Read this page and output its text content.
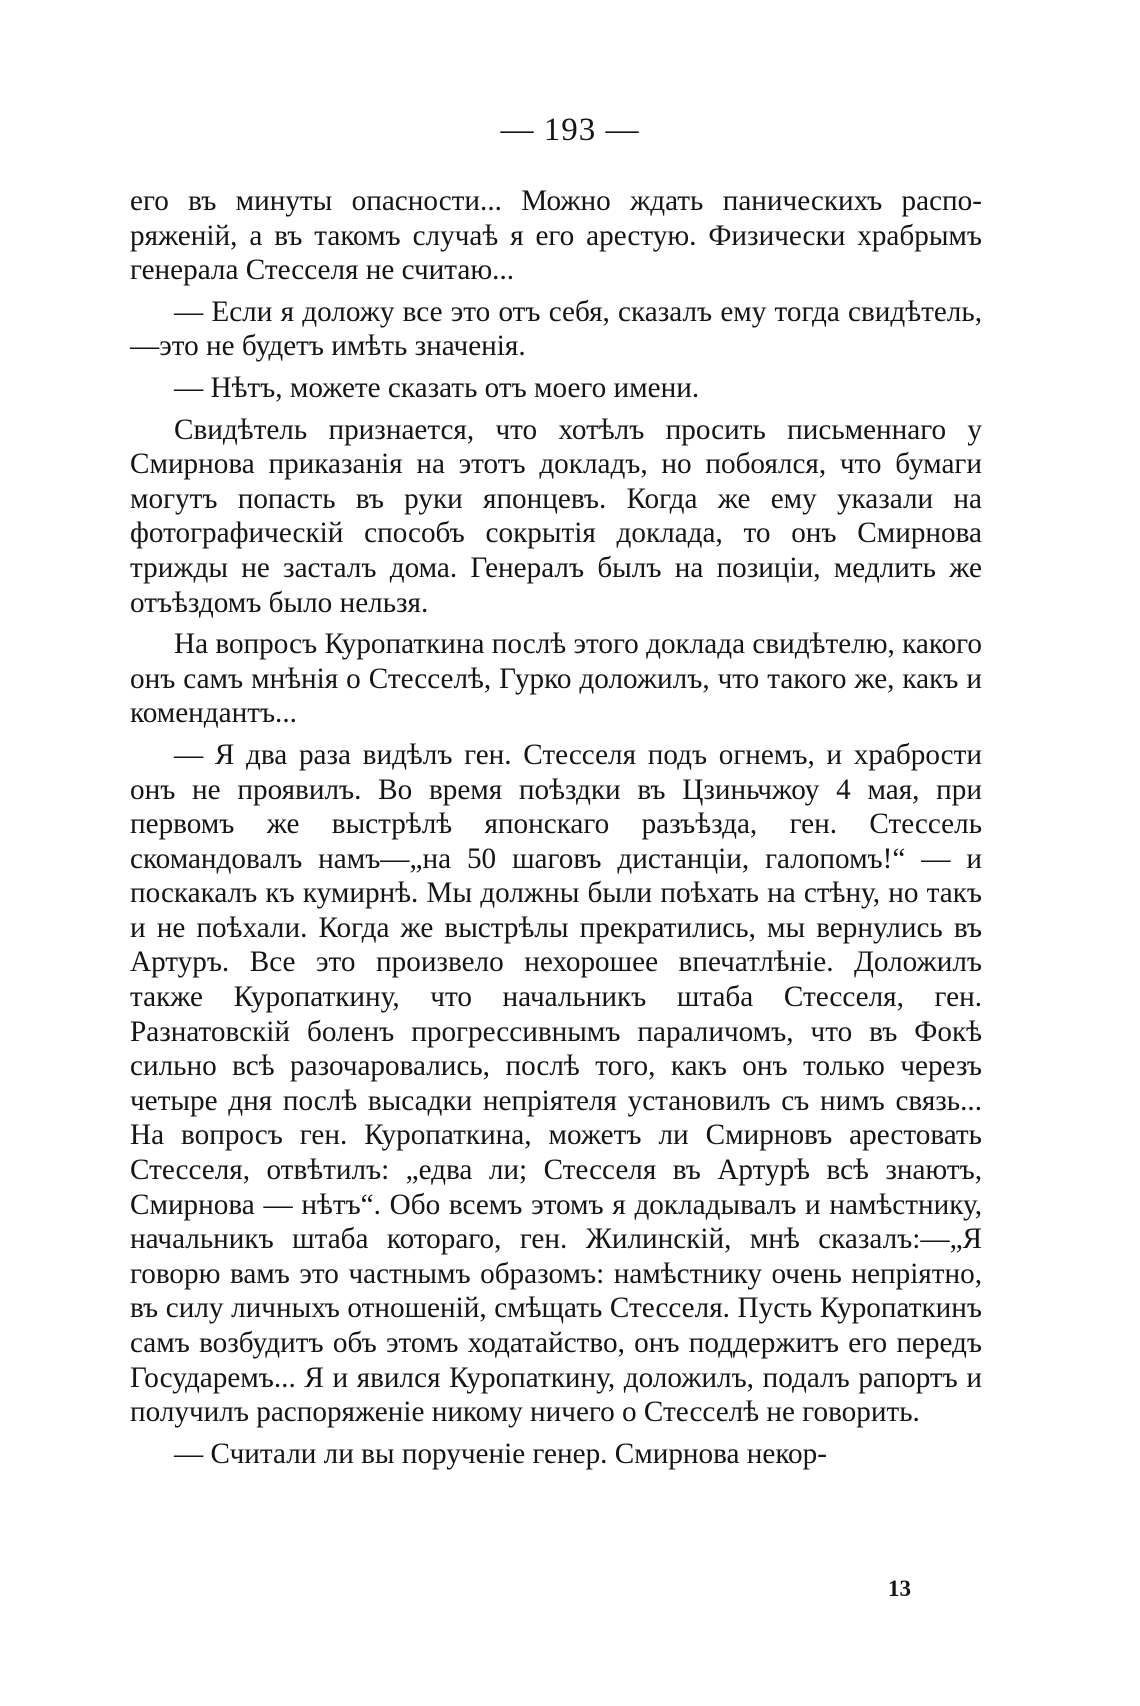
— 193 —

его въ минуты опасности... Можно ждать паническихъ распоряженій, а въ такомъ случаѣ я его арестую. Физически храбрымъ генерала Стесселя не считаю...

— Если я доложу все это отъ себя, сказалъ ему тогда свидѣтель,—это не будетъ имѣть значенія.

— Нѣтъ, можете сказать отъ моего имени.

Свидѣтель признается, что хотѣлъ просить письменнаго у Смирнова приказанія на этотъ докладъ, но побоялся, что бумаги могутъ попасть въ руки японцевъ. Когда же ему указали на фотографическій способъ сокрытія доклада, то онъ Смирнова трижды не засталъ дома. Генералъ былъ на позиціи, медлить же отъѣздомъ было нельзя.

На вопросъ Куропаткина послѣ этого доклада свидѣтелю, какого онъ самъ мнѣнія о Стесселѣ, Гурко доложилъ, что такого же, какъ и комендантъ...

— Я два раза видѣлъ ген. Стесселя подъ огнемъ, и храбрости онъ не проявилъ. Во время поѣздки въ Цзиньчжоу 4 мая, при первомъ же выстрѣлѣ японскаго разъѣзда, ген. Стессель скомандовалъ намъ—„на 50 шаговъ дистанціи, галопомъ!“ — и поскакалъ къ кумирнѣ. Мы должны были поѣхать на стѣну, но такъ и не поѣхали. Когда же выстрѣлы прекратились, мы вернулись въ Артуръ. Все это произвело нехорошее впечатлѣніе. Доложилъ также Куропаткину, что начальникъ штаба Стесселя, ген. Разнатовскій боленъ прогрессивнымъ параличомъ, что въ Фокѣ сильно всѣ разочаровались, послѣ того, какъ онъ только черезъ четыре дня послѣ высадки непріятеля установилъ съ нимъ связь... На вопросъ ген. Куропаткина, можетъ ли Смирновъ арестовать Стесселя, отвѣтилъ: „едва ли; Стесселя въ Артурѣ всѣ знаютъ, Смирнова — нѣтъ“. Обо всемъ этомъ я докладывалъ и намѣстнику, начальникъ штаба котораго, ген. Жилинскій, мнѣ сказалъ:—„Я говорю вамъ это частнымъ образомъ: намѣстнику очень непріятно, въ силу личныхъ отношеній, смѣщать Стесселя. Пусть Куропаткинъ самъ возбудитъ объ этомъ ходатайство, онъ поддержитъ его передъ Государемъ... Я и явился Куропаткину, доложилъ, подалъ рапортъ и получилъ распоряженіе никому ничего о Стесселѣ не говорить.

— Считали ли вы порученіе генер. Смирнова некор-

13
